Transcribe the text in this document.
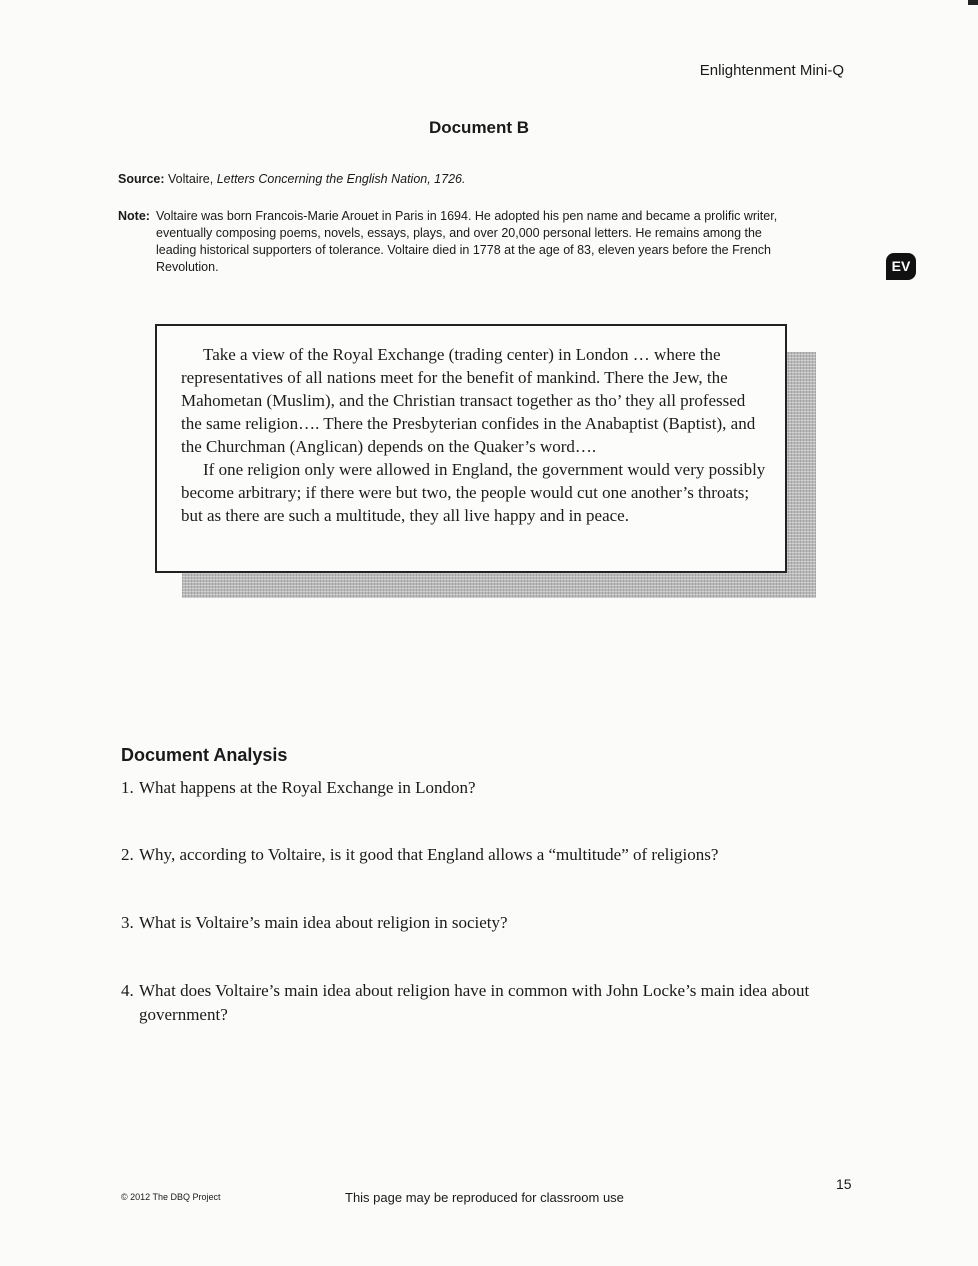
Enlightenment Mini-Q
Document B
Source: Voltaire, Letters Concerning the English Nation, 1726.
Note: Voltaire was born Francois-Marie Arouet in Paris in 1694. He adopted his pen name and became a prolific writer, eventually composing poems, novels, essays, plays, and over 20,000 personal letters. He remains among the leading historical supporters of tolerance. Voltaire died in 1778 at the age of 83, eleven years before the French Revolution.	EV

Take a view of the Royal Exchange (trading center) in London … where the representatives of all nations meet for the benefit of mankind. There the Jew, the Mahometan (Muslim), and the Christian transact together as tho’ they all professed the same religion…. There the Presbyterian confides in the Anabaptist (Baptist), and the Churchman (Anglican) depends on the Quaker’s word….

If one religion only were allowed in England, the government would very possibly become arbitrary; if there were but two, the people would cut one another’s throats; but as there are such a multitude, they all live happy and in peace.

Document Analysis
1. What happens at the Royal Exchange in London?
2. Why, according to Voltaire, is it good that England allows a “multitude” of religions?
3. What is Voltaire’s main idea about religion in society?
4. What does Voltaire’s main idea about religion have in common with John Locke’s main idea about government?
© 2012 The DBQ Project	This page may be reproduced for classroom use
15
